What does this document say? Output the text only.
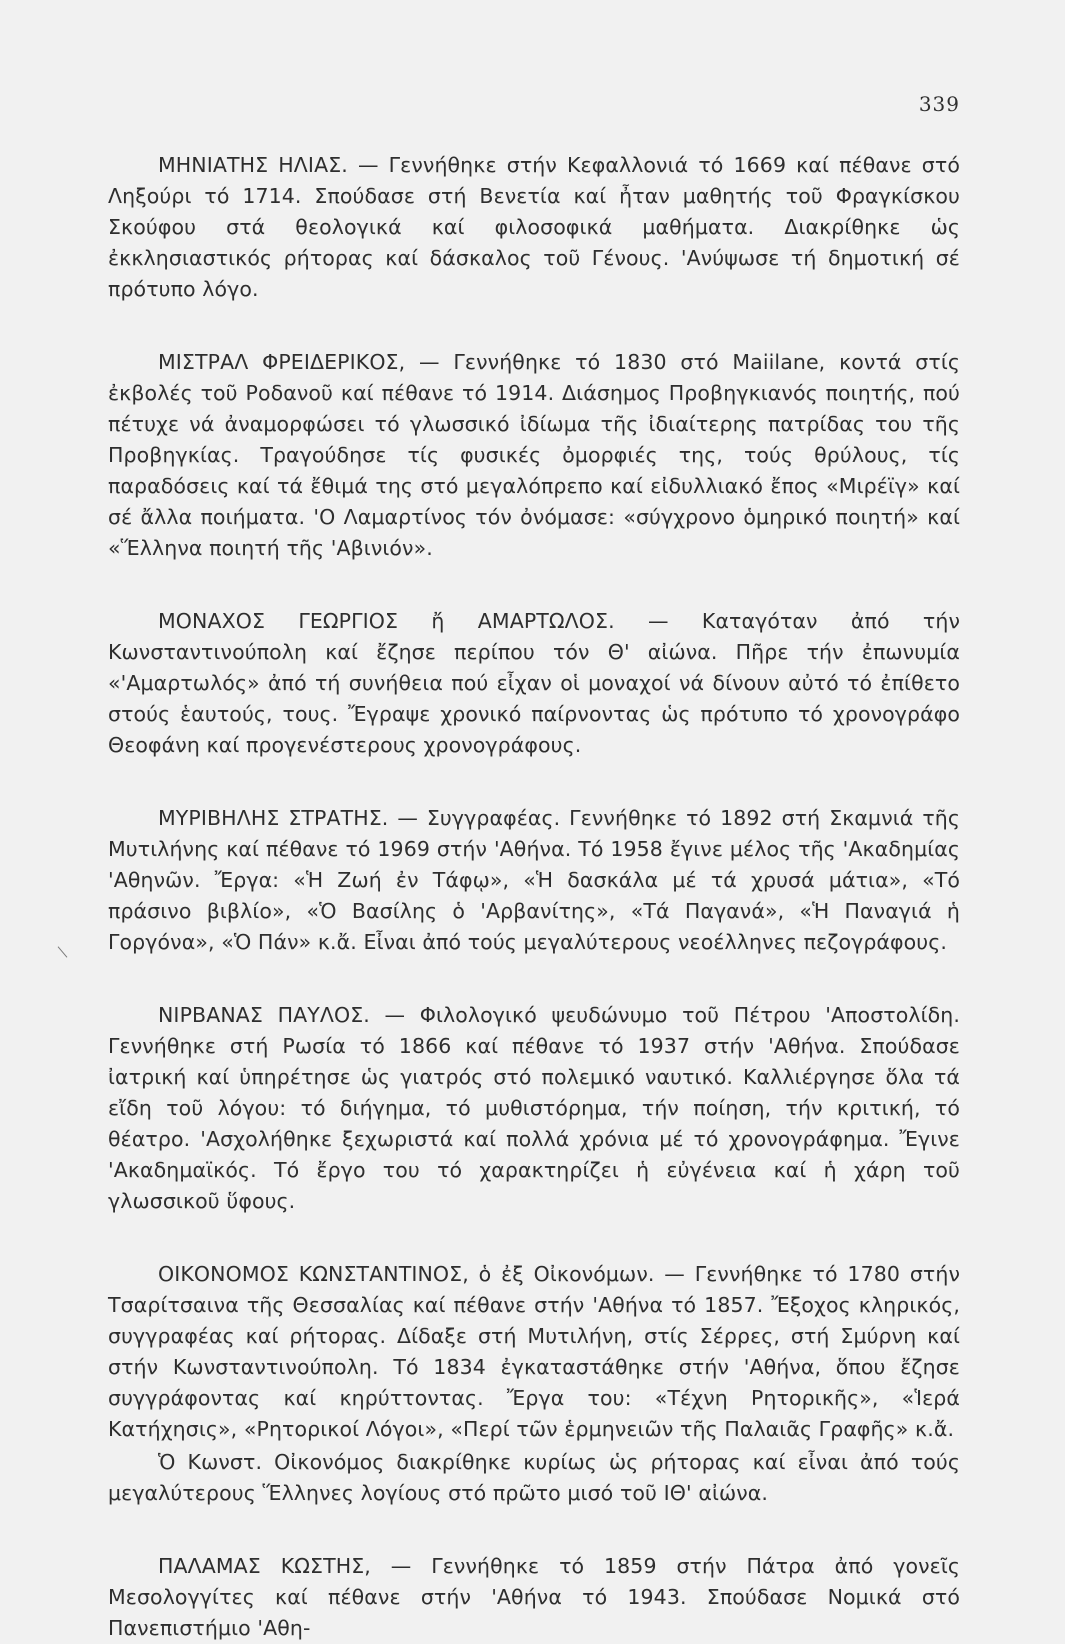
339

ΜΗΝΙΑΤΗΣ ΗΛΙΑΣ. — Γεννήθηκε στήν Κεφαλλονιά τό 1669 καί πέθανε στό Ληξούρι τό 1714. Σπούδασε στή Βενετία καί ἦταν μαθητής τοῦ Φραγκίσκου Σκούφου στά θεολογικά καί φιλοσοφικά μαθήματα. Διακρίθηκε ὡς ἐκκλησιαστικός ρήτορας καί δάσκαλος τοῦ Γένους. 'Ανύψωσε τή δημοτική σέ πρότυπο λόγο.

ΜΙΣΤΡΑΛ ΦΡΕΙΔΕΡΙΚΟΣ, — Γεννήθηκε τό 1830 στό Maiilane, κοντά στίς ἐκβολές τοῦ Ροδανοῦ καί πέθανε τό 1914. Διάσημος Προβηγκιανός ποιητής, πού πέτυχε νά ἀναμορφώσει τό γλωσσικό ἰδίωμα τῆς ἰδιαίτερης πατρίδας του τῆς Προβηγκίας. Τραγούδησε τίς φυσικές ὀμορφιές της, τούς θρύλους, τίς παραδόσεις καί τά ἔθιμά της στό μεγαλόπρεπο καί εἰδυλλιακό ἔπος «Μιρέϊγ» καί σέ ἄλλα ποιήματα. 'Ο Λαμαρτίνος τόν ὀνόμασε: «σύγχρονο ὁμηρικό ποιητή» καί «Ἕλληνα ποιητή τῆς 'Αβινιόν».

ΜΟΝΑΧΟΣ ΓΕΩΡΓΙΟΣ ἤ ΑΜΑΡΤΩΛΟΣ. — Καταγόταν ἀπό τήν Κωνσταντινούπολη καί ἔζησε περίπου τόν Θ' αἰώνα. Πῆρε τήν ἐπωνυμία «'Αμαρτωλός» ἀπό τή συνήθεια πού εἶχαν οἱ μοναχοί νά δίνουν αὐτό τό ἐπίθετο στούς ἑαυτούς, τους. Ἔγραψε χρονικό παίρνοντας ὡς πρότυπο τό χρονογράφο Θεοφάνη καί προγενέστερους χρονογράφους.

ΜΥΡΙΒΗΛΗΣ ΣΤΡΑΤΗΣ. — Συγγραφέας. Γεννήθηκε τό 1892 στή Σκαμνιά τῆς Μυτιλήνης καί πέθανε τό 1969 στήν 'Αθήνα. Τό 1958 ἔγινε μέλος τῆς 'Ακαδημίας 'Αθηνῶν. Ἔργα: «Ἡ Ζωή ἐν Τάφῳ», «Ἡ δασκάλα μέ τά χρυσά μάτια», «Τό πράσινο βιβλίο», «Ὁ Βασίλης ὁ 'Αρβανίτης», «Τά Παγανά», «Ἡ Παναγιά ἡ Γοργόνα», «Ὁ Πάν» κ.ἄ. Εἶναι ἀπό τούς μεγαλύτερους νεοέλληνες πεζογράφους.

ΝΙΡΒΑΝΑΣ ΠΑΥΛΟΣ. — Φιλολογικό ψευδώνυμο τοῦ Πέτρου 'Αποστολίδη. Γεννήθηκε στή Ρωσία τό 1866 καί πέθανε τό 1937 στήν 'Αθήνα. Σπούδασε ἰατρική καί ὑπηρέτησε ὡς γιατρός στό πολεμικό ναυτικό. Καλλιέργησε ὅλα τά εἴδη τοῦ λόγου: τό διήγημα, τό μυθιστόρημα, τήν ποίηση, τήν κριτική, τό θέατρο. 'Ασχολήθηκε ξεχωριστά καί πολλά χρόνια μέ τό χρονογράφημα. Ἔγινε 'Ακαδημαϊκός. Τό ἔργο του τό χαρακτηρίζει ἡ εὐγένεια καί ἡ χάρη τοῦ γλωσσικοῦ ὕφους.

ΟΙΚΟΝΟΜΟΣ ΚΩΝΣΤΑΝΤΙΝΟΣ, ὁ ἐξ Οἰκονόμων. — Γεννήθηκε τό 1780 στήν Τσαρίτσαινα τῆς Θεσσαλίας καί πέθανε στήν 'Αθήνα τό 1857. Ἔξοχος κληρικός, συγγραφέας καί ρήτορας. Δίδαξε στή Μυτιλήνη, στίς Σέρρες, στή Σμύρνη καί στήν Κωνσταντινούπολη. Τό 1834 ἐγκαταστάθηκε στήν 'Αθήνα, ὅπου ἔζησε συγγράφοντας καί κηρύττοντας. Ἔργα του: «Τέχνη Ρητορικῆς», «Ἱερά Κατήχησις», «Ρητορικοί Λόγοι», «Περί τῶν ἑρμηνειῶν τῆς Παλαιᾶς Γραφῆς» κ.ἄ.

Ὁ Κωνστ. Οἰκονόμος διακρίθηκε κυρίως ὡς ρήτορας καί εἶναι ἀπό τούς μεγαλύτερους Ἕλληνες λογίους στό πρῶτο μισό τοῦ ΙΘ' αἰώνα.

ΠΑΛΑΜΑΣ ΚΩΣΤΗΣ, — Γεννήθηκε τό 1859 στήν Πάτρα ἀπό γονεῖς Μεσολογγίτες καί πέθανε στήν 'Αθήνα τό 1943. Σπούδασε Νομικά στό Πανεπιστήμιο 'Αθη-
